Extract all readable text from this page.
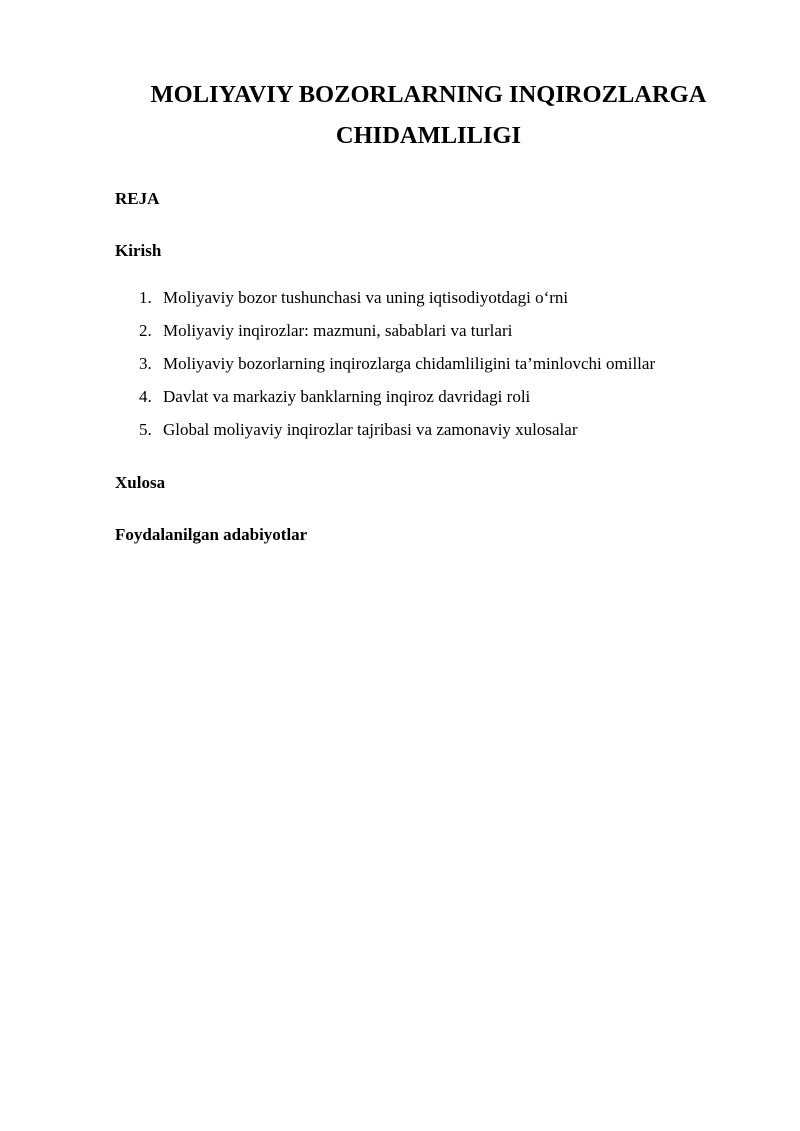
MOLIYAVIY BOZORLARNING INQIROZLARGA CHIDAMLILIGI

REJA

Kirish

1. Moliyaviy bozor tushunchasi va uning iqtisodiyotdagi o‘rni
2. Moliyaviy inqirozlar: mazmuni, sabablari va turlari
3. Moliyaviy bozorlarning inqirozlarga chidamliligini ta’minlovchi omillar
4. Davlat va markaziy banklarning inqiroz davridagi roli
5. Global moliyaviy inqirozlar tajribasi va zamonaviy xulosalar

Xulosa

Foydalanilgan adabiyotlar
